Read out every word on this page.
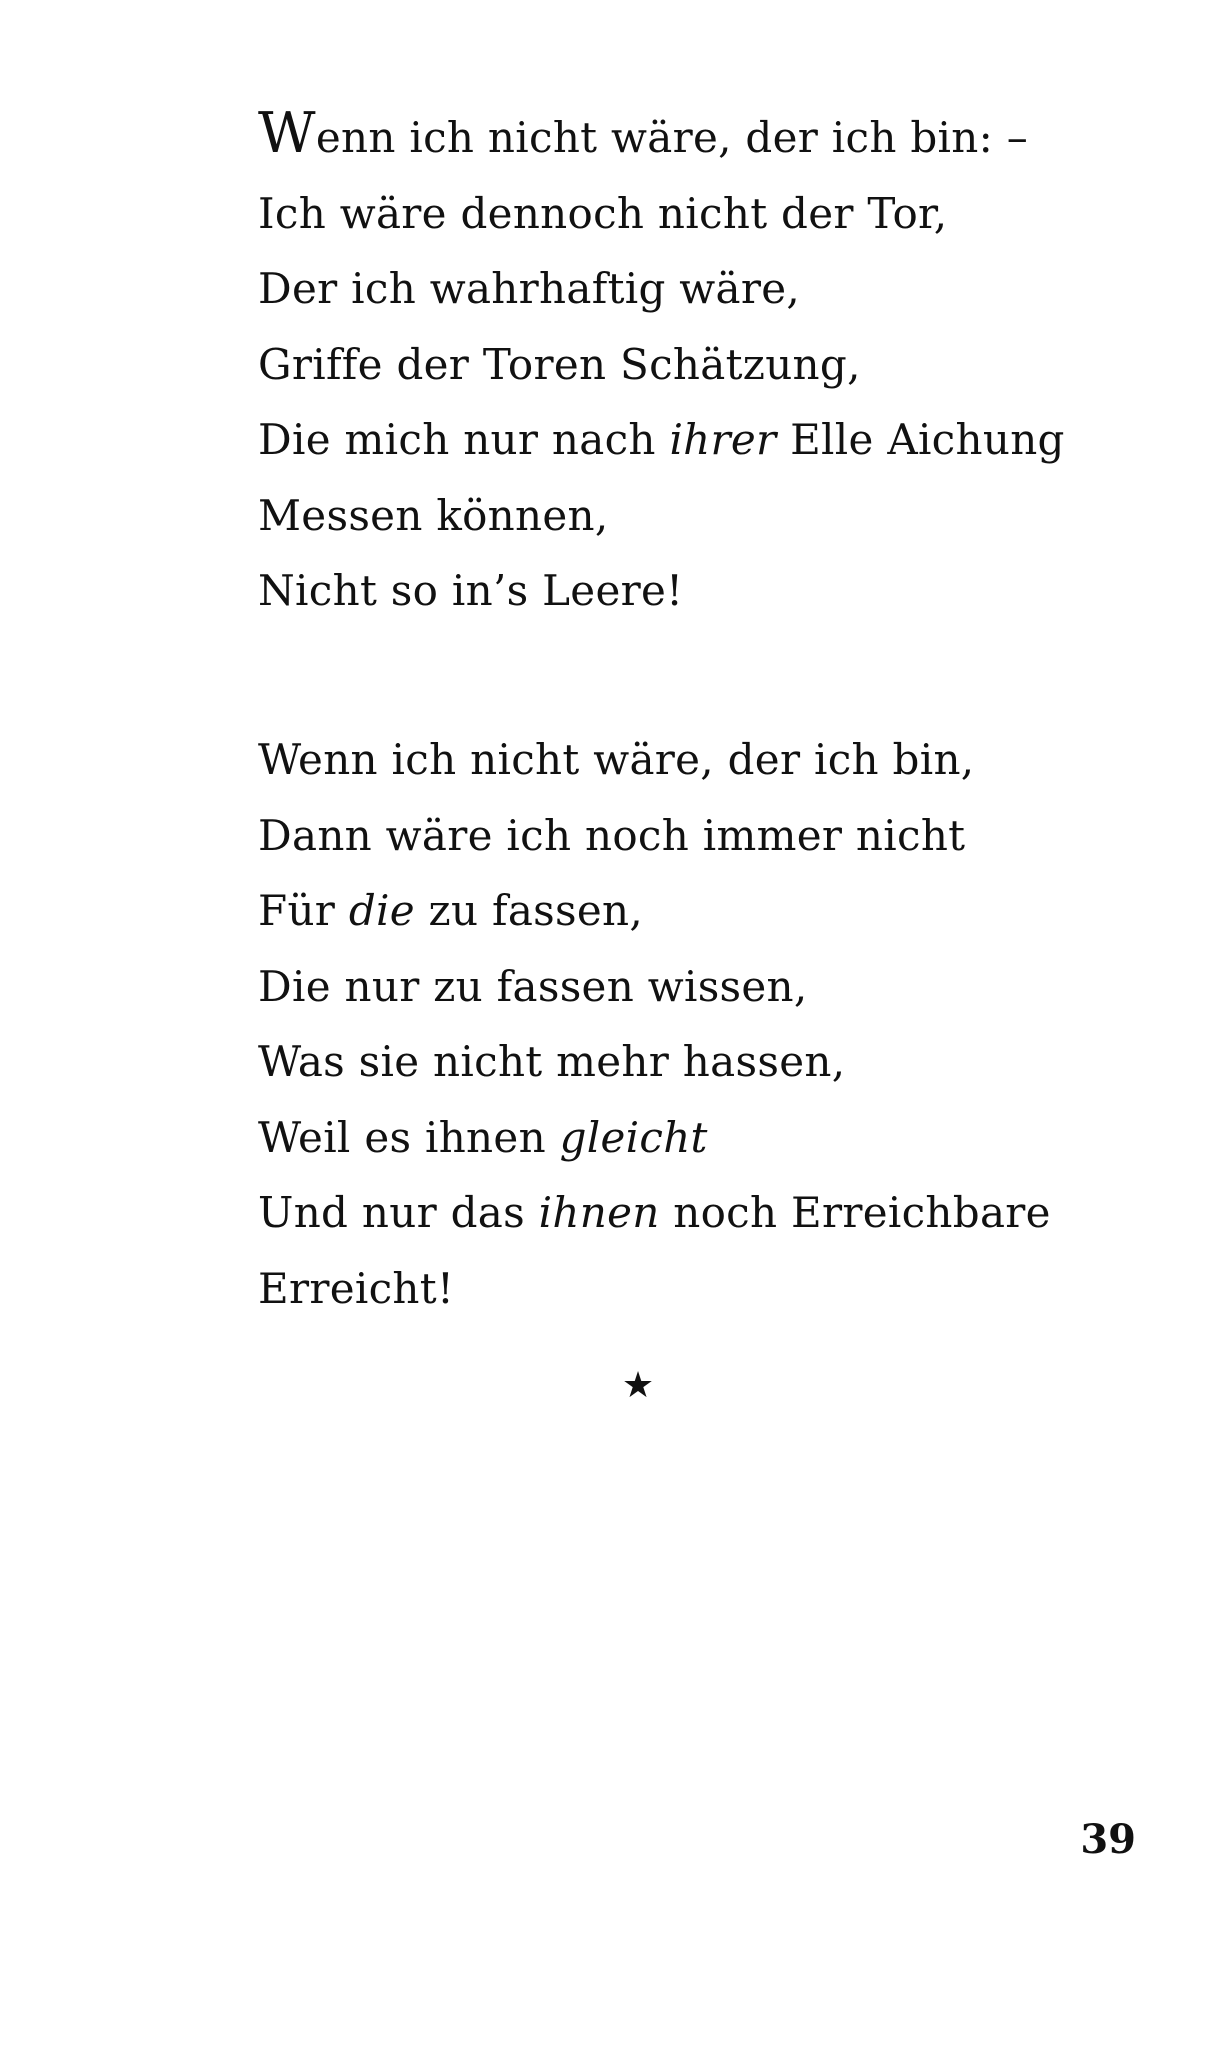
Wenn ich nicht wäre, der ich bin: –
Ich wäre dennoch nicht der Tor,
Der ich wahrhaftig wäre,
Griffe der Toren Schätzung,
Die mich nur nach ihrer Elle Aichung
Messen können,
Nicht so in’s Leere!
Wenn ich nicht wäre, der ich bin,
Dann wäre ich noch immer nicht
Für die zu fassen,
Die nur zu fassen wissen,
Was sie nicht mehr hassen,
Weil es ihnen gleicht
Und nur das ihnen noch Erreichbare
Erreicht!
★
39
